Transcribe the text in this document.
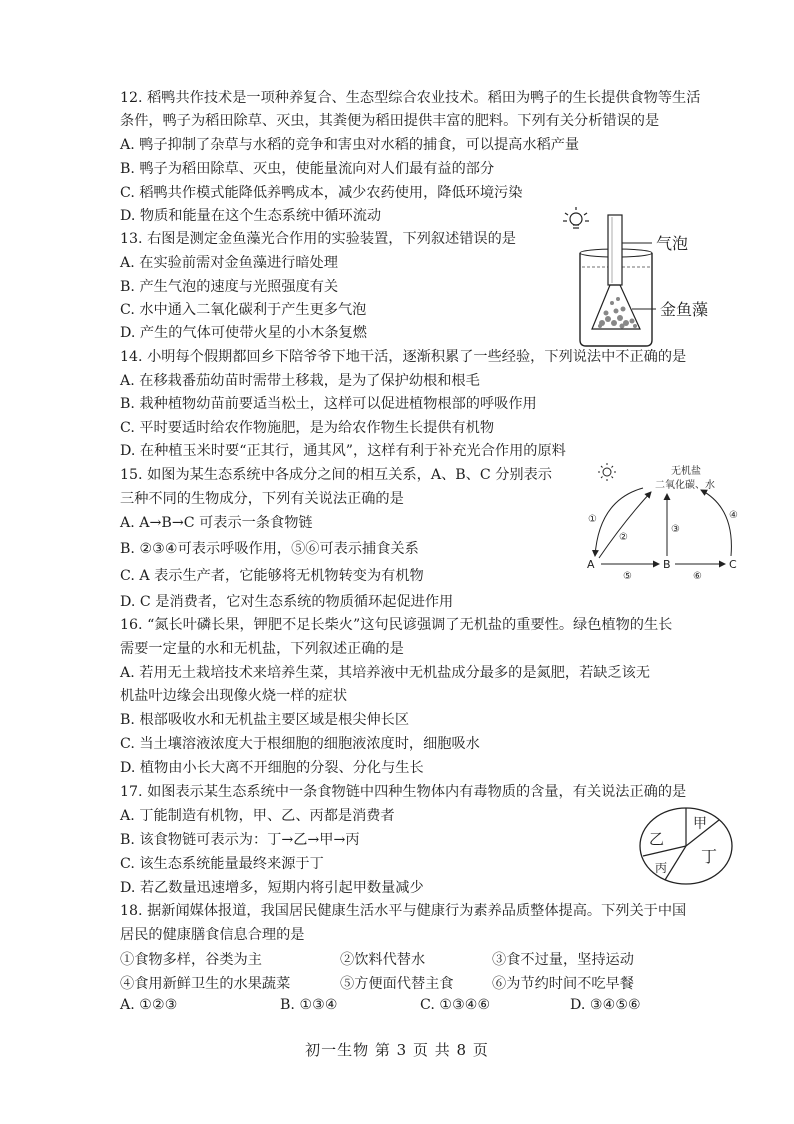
12. 稻鸭共作技术是一项种养复合、生态型综合农业技术。稻田为鸭子的生长提供食物等生活
条件，鸭子为稻田除草、灭虫，其粪便为稻田提供丰富的肥料。下列有关分析错误的是
A. 鸭子抑制了杂草与水稻的竞争和害虫对水稻的捕食，可以提高水稻产量
B. 鸭子为稻田除草、灭虫，使能量流向对人们最有益的部分
C. 稻鸭共作模式能降低养鸭成本，减少农药使用，降低环境污染
D. 物质和能量在这个生态系统中循环流动
13. 右图是测定金鱼藻光合作用的实验装置，下列叙述错误的是
A. 在实验前需对金鱼藻进行暗处理
B. 产生气泡的速度与光照强度有关
C. 水中通入二氧化碳利于产生更多气泡
D. 产生的气体可使带火星的小木条复燃
气泡
金鱼藻
14. 小明每个假期都回乡下陪爷爷下地干活，逐渐积累了一些经验，下列说法中不正确的是
A. 在移栽番茄幼苗时需带土移栽，是为了保护幼根和根毛
B. 栽种植物幼苗前要适当松土，这样可以促进植物根部的呼吸作用
C. 平时要适时给农作物施肥，是为给农作物生长提供有机物
D. 在种植玉米时要“正其行，通其风”，这样有利于补充光合作用的原料
15. 如图为某生态系统中各成分之间的相互关系，A、B、C 分别表示
三种不同的生物成分，下列有关说法正确的是
A. A→B→C 可表示一条食物链
B. ②③④可表示呼吸作用，⑤⑥可表示捕食关系
C. A 表示生产者，它能够将无机物转变为有机物
D. C 是消费者，它对生态系统的物质循环起促进作用
无机盐
二氧化碳、水
A	B	C
①
②
③
④
⑤	⑥
16. “氮长叶磷长果，钾肥不足长柴火”这句民谚强调了无机盐的重要性。绿色植物的生长
需要一定量的水和无机盐，下列叙述正确的是
A. 若用无土栽培技术来培养生菜，其培养液中无机盐成分最多的是氮肥，若缺乏该无
机盐叶边缘会出现像火烧一样的症状
B. 根部吸收水和无机盐主要区域是根尖伸长区
C. 当土壤溶液浓度大于根细胞的细胞液浓度时，细胞吸水
D. 植物由小长大离不开细胞的分裂、分化与生长
17. 如图表示某生态系统中一条食物链中四种生物体内有毒物质的含量，有关说法正确的是
A. 丁能制造有机物，甲、乙、丙都是消费者
B. 该食物链可表示为：丁→乙→甲→丙
C. 该生态系统能量最终来源于丁
D. 若乙数量迅速增多，短期内将引起甲数量减少
甲
乙
丙
丁
18. 据新闻媒体报道，我国居民健康生活水平与健康行为素养品质整体提高。下列关于中国
居民的健康膳食信息合理的是
①食物多样，谷类为主	②饮料代替水	③食不过量，坚持运动
④食用新鲜卫生的水果蔬菜	⑤方便面代替主食	⑥为节约时间不吃早餐
A. ①②③	B. ①③④	C. ①③④⑥	D. ③④⑤⑥
初一生物 第 3 页 共 8 页
